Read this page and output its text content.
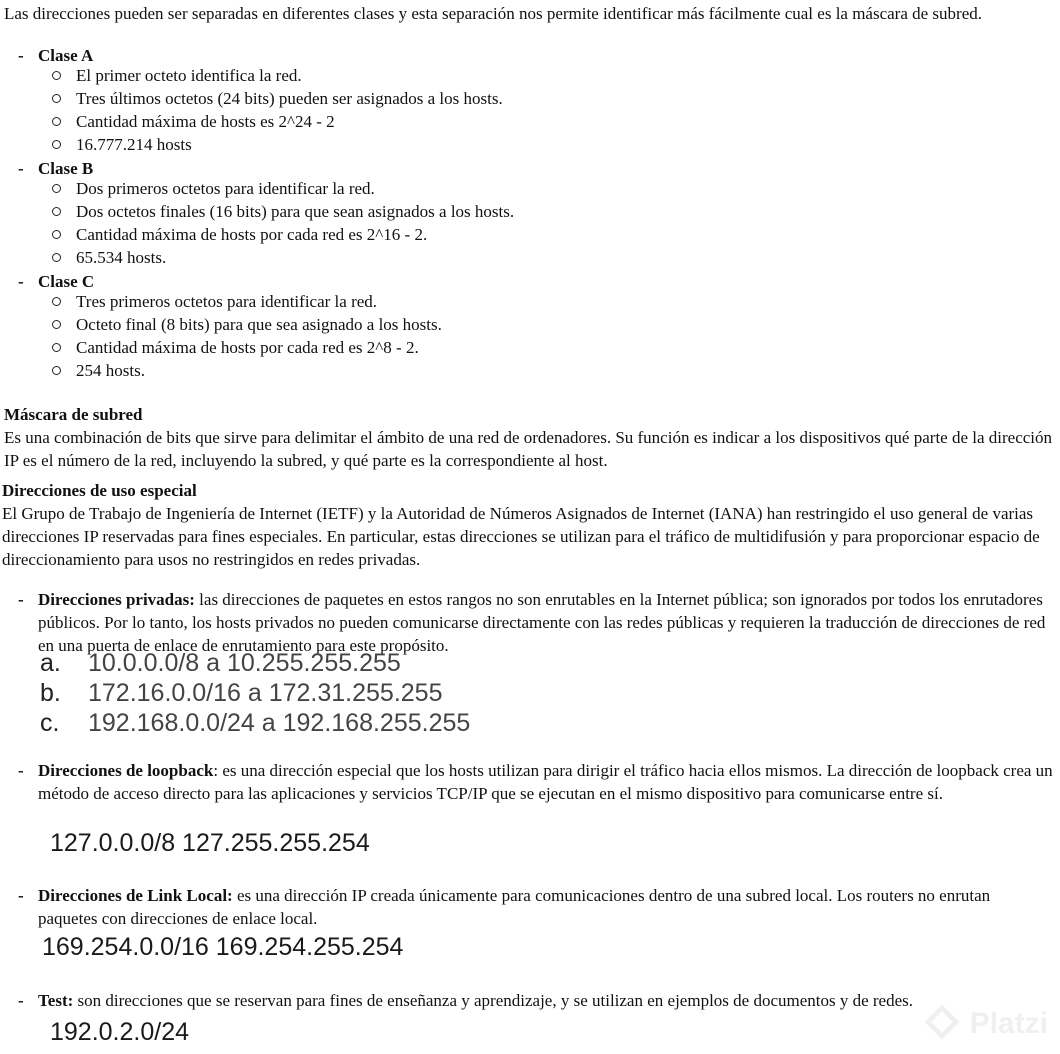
Las direcciones pueden ser separadas en diferentes clases y esta separación nos permite identificar más fácilmente cual es la máscara de subred.

- Clase A
El primer octeto identifica la red.
Tres últimos octetos (24 bits) pueden ser asignados a los hosts.
Cantidad máxima de hosts es 2^24 - 2
16.777.214 hosts
- Clase B
Dos primeros octetos para identificar la red.
Dos octetos finales (16 bits) para que sean asignados a los hosts.
Cantidad máxima de hosts por cada red es 2^16 - 2.
65.534 hosts.
- Clase C
Tres primeros octetos para identificar la red.
Octeto final (8 bits) para que sea asignado a los hosts.
Cantidad máxima de hosts por cada red es 2^8 - 2.
254 hosts.

Máscara de subred

Es una combinación de bits que sirve para delimitar el ámbito de una red de ordenadores. Su función es indicar a los dispositivos qué parte de la dirección IP es el número de la red, incluyendo la subred, y qué parte es la correspondiente al host.

Direcciones de uso especial

El Grupo de Trabajo de Ingeniería de Internet (IETF) y la Autoridad de Números Asignados de Internet (IANA) han restringido el uso general de varias direcciones IP reservadas para fines especiales. En particular, estas direcciones se utilizan para el tráfico de multidifusión y para proporcionar espacio de direccionamiento para usos no restringidos en redes privadas.

- Direcciones privadas: las direcciones de paquetes en estos rangos no son enrutables en la Internet pública; son ignorados por todos los enrutadores públicos. Por lo tanto, los hosts privados no pueden comunicarse directamente con las redes públicas y requieren la traducción de direcciones de red en una puerta de enlace de enrutamiento para este propósito.
a. 10.0.0.0/8 a 10.255.255.255
b. 172.16.0.0/16 a 172.31.255.255
c. 192.168.0.0/24 a 192.168.255.255
- Direcciones de loopback: es una dirección especial que los hosts utilizan para dirigir el tráfico hacia ellos mismos. La dirección de loopback crea un método de acceso directo para las aplicaciones y servicios TCP/IP que se ejecutan en el mismo dispositivo para comunicarse entre sí.
127.0.0.0/8 127.255.255.254
- Direcciones de Link Local: es una dirección IP creada únicamente para comunicaciones dentro de una subred local. Los routers no enrutan paquetes con direcciones de enlace local.
169.254.0.0/16 169.254.255.254
- Test: son direcciones que se reservan para fines de enseñanza y aprendizaje, y se utilizan en ejemplos de documentos y de redes.
192.0.2.0/24	Platzi
